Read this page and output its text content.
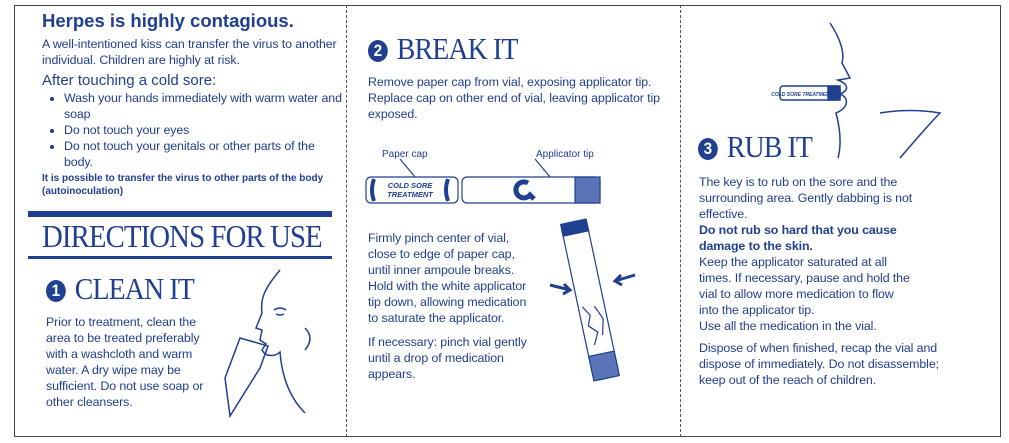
Herpes is highly contagious.

A well-intentioned kiss can transfer the virus to another individual. Children are highly at risk.

After touching a cold sore:
• Wash your hands immediately with warm water and soap
• Do not touch your eyes
• Do not touch your genitals or other parts of the body.

It is possible to transfer the virus to other parts of the body (autoinoculation)

DIRECTIONS FOR USE
1 CLEAN IT

Prior to treatment, clean the area to be treated preferably with a washcloth and warm water. A dry wipe may be sufficient. Do not use soap or other cleansers.

2 BREAK IT

Remove paper cap from vial, exposing applicator tip. Replace cap on other end of vial, leaving applicator tip exposed.

Paper cap	Applicator tip
COLD SORE
TREATMENT

Firmly pinch center of vial, close to edge of paper cap, until inner ampoule breaks. Hold with the white applicator tip down, allowing medication to saturate the applicator.

If necessary: pinch vial gently until a drop of medication appears.

COLD SORE TREATMENT
3 RUB IT

The key is to rub on the sore and the surrounding area. Gently dabbing is not effective.

Do not rub so hard that you cause damage to the skin.

Keep the applicator saturated at all times. If necessary, pause and hold the vial to allow more medication to flow into the applicator tip.

Use all the medication in the vial.

Dispose of when finished, recap the vial and dispose of immediately. Do not disassemble; keep out of the reach of children.
